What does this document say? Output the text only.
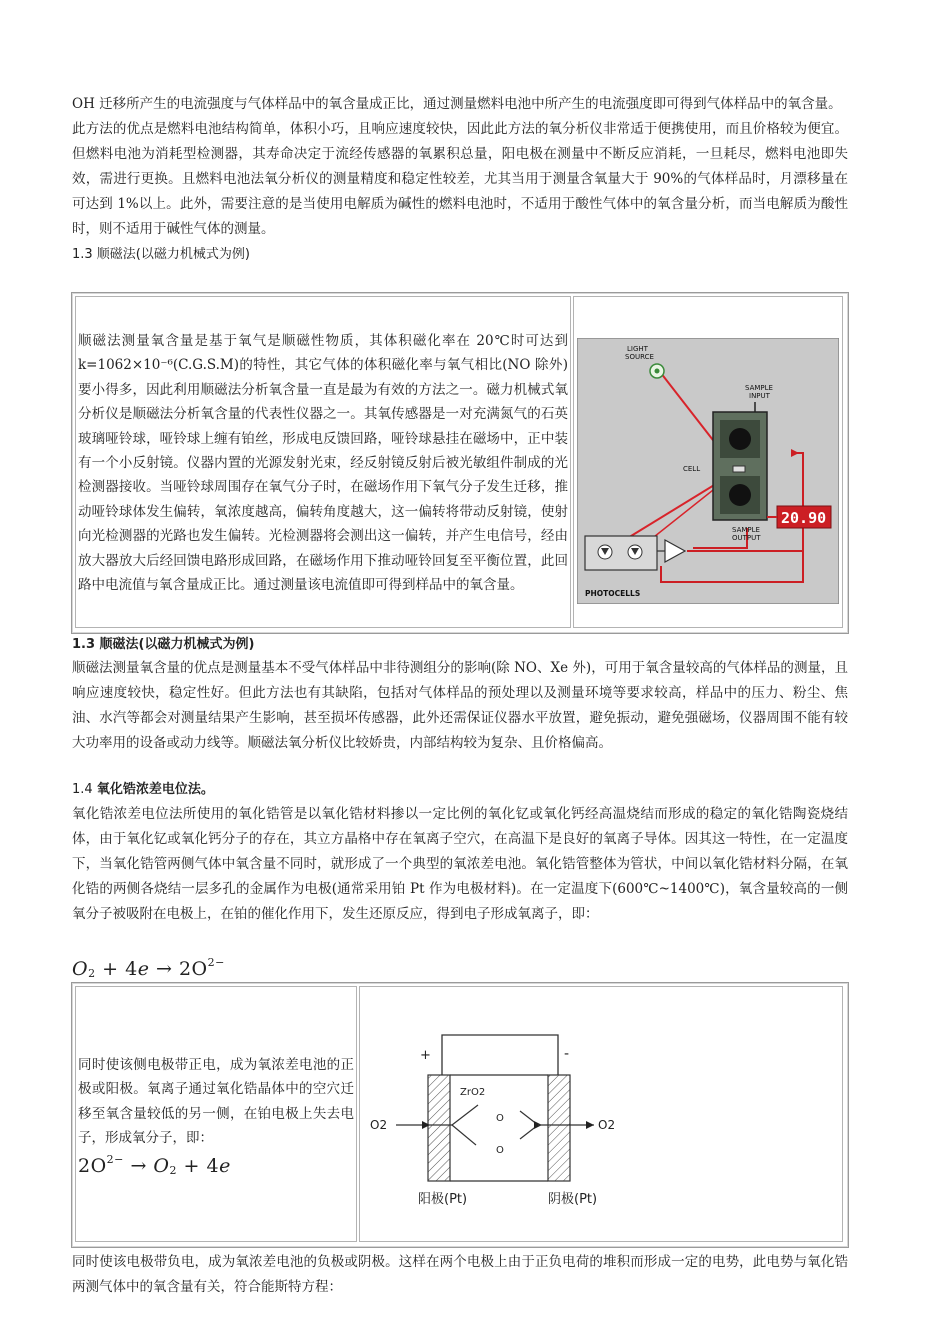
OH 迁移所产生的电流强度与气体样品中的氧含量成正比，通过测量燃料电池中所产生的电流强度即可得到气体样品中的氧含量。

此方法的优点是燃料电池结构简单，体积小巧，且响应速度较快，因此此方法的氧分析仪非常适于便携使用，而且价格较为便宜。但燃料电池为消耗型检测器，其寿命决定于流经传感器的氧累积总量，阳电极在测量中不断反应消耗，一旦耗尽，燃料电池即失效，需进行更换。且燃料电池法氧分析仪的测量精度和稳定性较差，尤其当用于测量含氧量大于 90%的气体样品时，月漂移量在可达到 1%以上。此外，需要注意的是当使用电解质为碱性的燃料电池时，不适用于酸性气体中的氧含量分析，而当电解质为酸性时，则不适用于碱性气体的测量。

1.3 顺磁法(以磁力机械式为例)

顺磁法测量氧含量是基于氧气是顺磁性物质，其体积磁化率在 20℃时可达到 k=1062×10⁻⁶(C.G.S.M)的特性，其它气体的体积磁化率与氧气相比(NO 除外)要小得多，因此利用顺磁法分析氧含量一直是最为有效的方法之一。磁力机械式氧分析仪是顺磁法分析氧含量的代表性仪器之一。其氧传感器是一对充满氮气的石英玻璃哑铃球，哑铃球上缠有铂丝，形成电反馈回路，哑铃球悬挂在磁场中，正中装有一个小反射镜。仪器内置的光源发射光束，经反射镜反射后被光敏组件制成的光检测器接收。当哑铃球周围存在氧气分子时，在磁场作用下氧气分子发生迁移，推动哑铃球体发生偏转，氧浓度越高，偏转角度越大，这一偏转将带动反射镜，使射向光检测器的光路也发生偏转。光检测器将会测出这一偏转，并产生电信号，经由放大器放大后经回馈电路形成回路，在磁场作用下推动哑铃回复至平衡位置，此回路中电流值与氧含量成正比。通过测量该电流值即可得到样品中的氧含量。

LIGHT
SOURCE
SAMPLE
INPUT
CELL
SAMPLE
OUTPUT
20.90
PHOTOCELLS

1.3 顺磁法(以磁力机械式为例)

顺磁法测量氧含量的优点是测量基本不受气体样品中非待测组分的影响(除 NO、Xe 外)，可用于氧含量较高的气体样品的测量，且响应速度较快，稳定性好。但此方法也有其缺陷，包括对气体样品的预处理以及测量环境等要求较高，样品中的压力、粉尘、焦油、水汽等都会对测量结果产生影响，甚至损坏传感器，此外还需保证仪器水平放置，避免振动，避免强磁场，仪器周围不能有较大功率用的设备或动力线等。顺磁法氧分析仪比较娇贵，内部结构较为复杂、且价格偏高。

1.4 氧化锆浓差电位法。

氧化锆浓差电位法所使用的氧化锆管是以氧化锆材料掺以一定比例的氧化钇或氧化钙经高温烧结而形成的稳定的氧化锆陶瓷烧结体，由于氧化钇或氧化钙分子的存在，其立方晶格中存在氧离子空穴，在高温下是良好的氧离子导体。因其这一特性，在一定温度下，当氧化锆管两侧气体中氧含量不同时，就形成了一个典型的氧浓差电池。氧化锆管整体为管状，中间以氧化锆材料分隔，在氧化锆的两侧各烧结一层多孔的金属作为电极(通常采用铂 Pt 作为电极材料)。在一定温度下(600℃~1400℃)，氧含量较高的一侧氧分子被吸附在电极上，在铂的催化作用下，发生还原反应，得到电子形成氧离子，即：

$O_2 + 4e \to 2O^{2-}$

同时使该侧电极带正电，成为氧浓差电池的正极或阳极。氧离子通过氧化锆晶体中的空穴迁移至氧含量较低的另一侧，在铂电极上失去电子，形成氧分子，即：

$2O^{2-} \to O_2 + 4e$
+	-
ZrO2
O
O
O2	O2
阳极(Pt)	阴极(Pt)

同时使该电极带负电，成为氧浓差电池的负极或阴极。这样在两个电极上由于正负电荷的堆积而形成一定的电势，此电势与氧化锆两测气体中的氧含量有关，符合能斯特方程：
